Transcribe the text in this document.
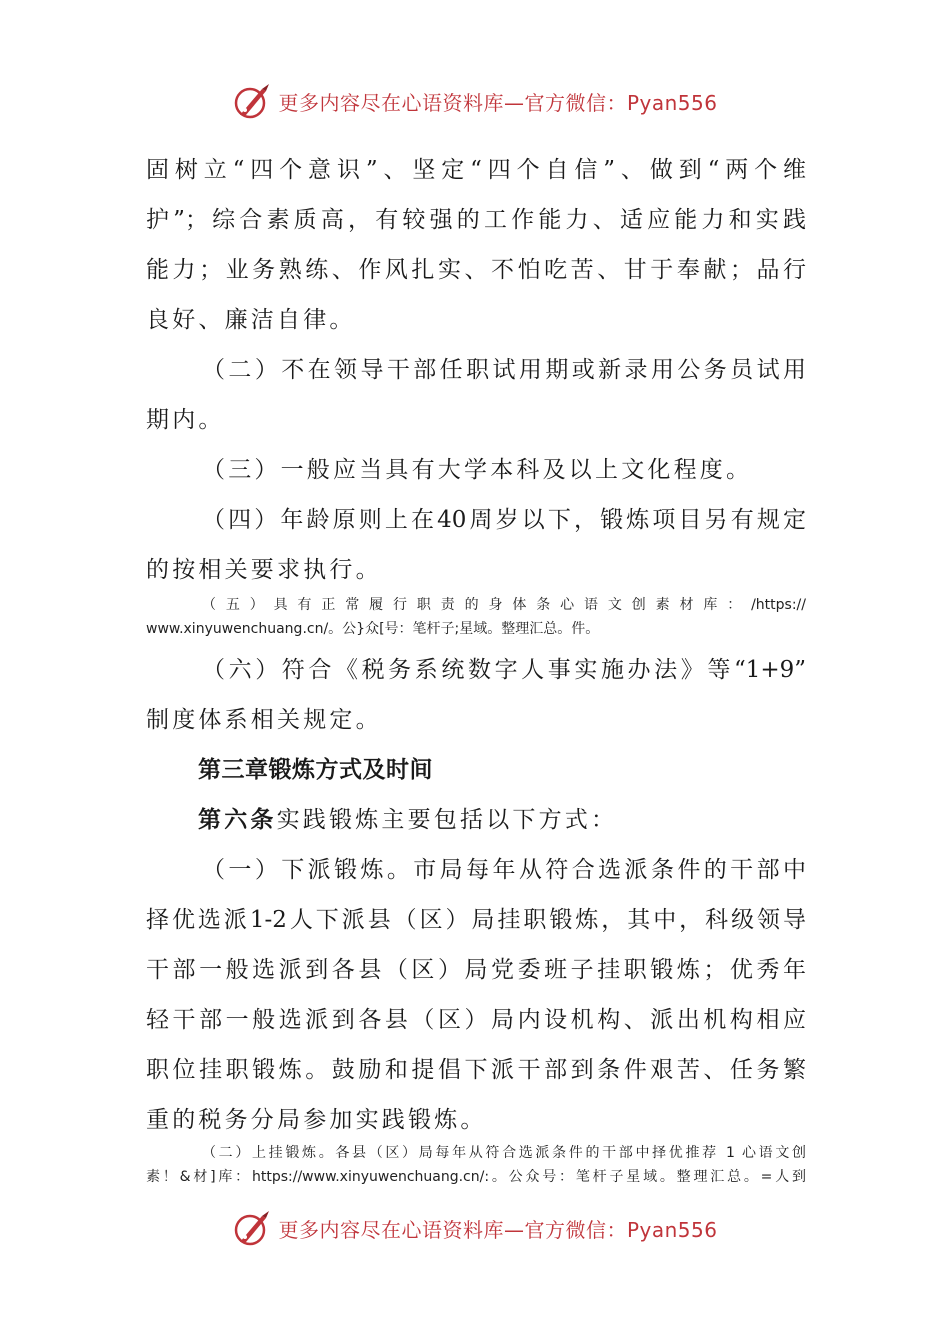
更多内容尽在心语资料库—官方微信：Pyan556
固树立“四个意识”、坚定“四个自信”、做到“两个维
护”；综合素质高，有较强的工作能力、适应能力和实践
能力；业务熟练、作风扎实、不怕吃苦、甘于奉献；品行
良好、廉洁自律。
（二）不在领导干部任职试用期或新录用公务员试用
期内。
（三）一般应当具有大学本科及以上文化程度。
（四）年龄原则上在40周岁以下，锻炼项目另有规定
的按相关要求执行。
（五）具有正常履行职责的身体条心语文创素材库：/https://
www.xinyuwenchuang.cn/。公}众[号：笔杆子;星域。整理汇总。件。
（六）符合《税务系统数字人事实施办法》等“1+9”
制度体系相关规定。
第三章锻炼方式及时间
第六条实践锻炼主要包括以下方式：
（一）下派锻炼。市局每年从符合选派条件的干部中
择优选派1-2人下派县（区）局挂职锻炼，其中，科级领导
干部一般选派到各县（区）局党委班子挂职锻炼；优秀年
轻干部一般选派到各县（区）局内设机构、派出机构相应
职位挂职锻炼。鼓励和提倡下派干部到条件艰苦、任务繁
重的税务分局参加实践锻炼。
（二）上挂锻炼。各县（区）局每年从符合选派条件的干部中择优推荐 1 心语文创
素！&材]库：https://www.xinyuwenchuang.cn/:。公众号：笔杆子星域。整理汇总。=人到
更多内容尽在心语资料库—官方微信：Pyan556
